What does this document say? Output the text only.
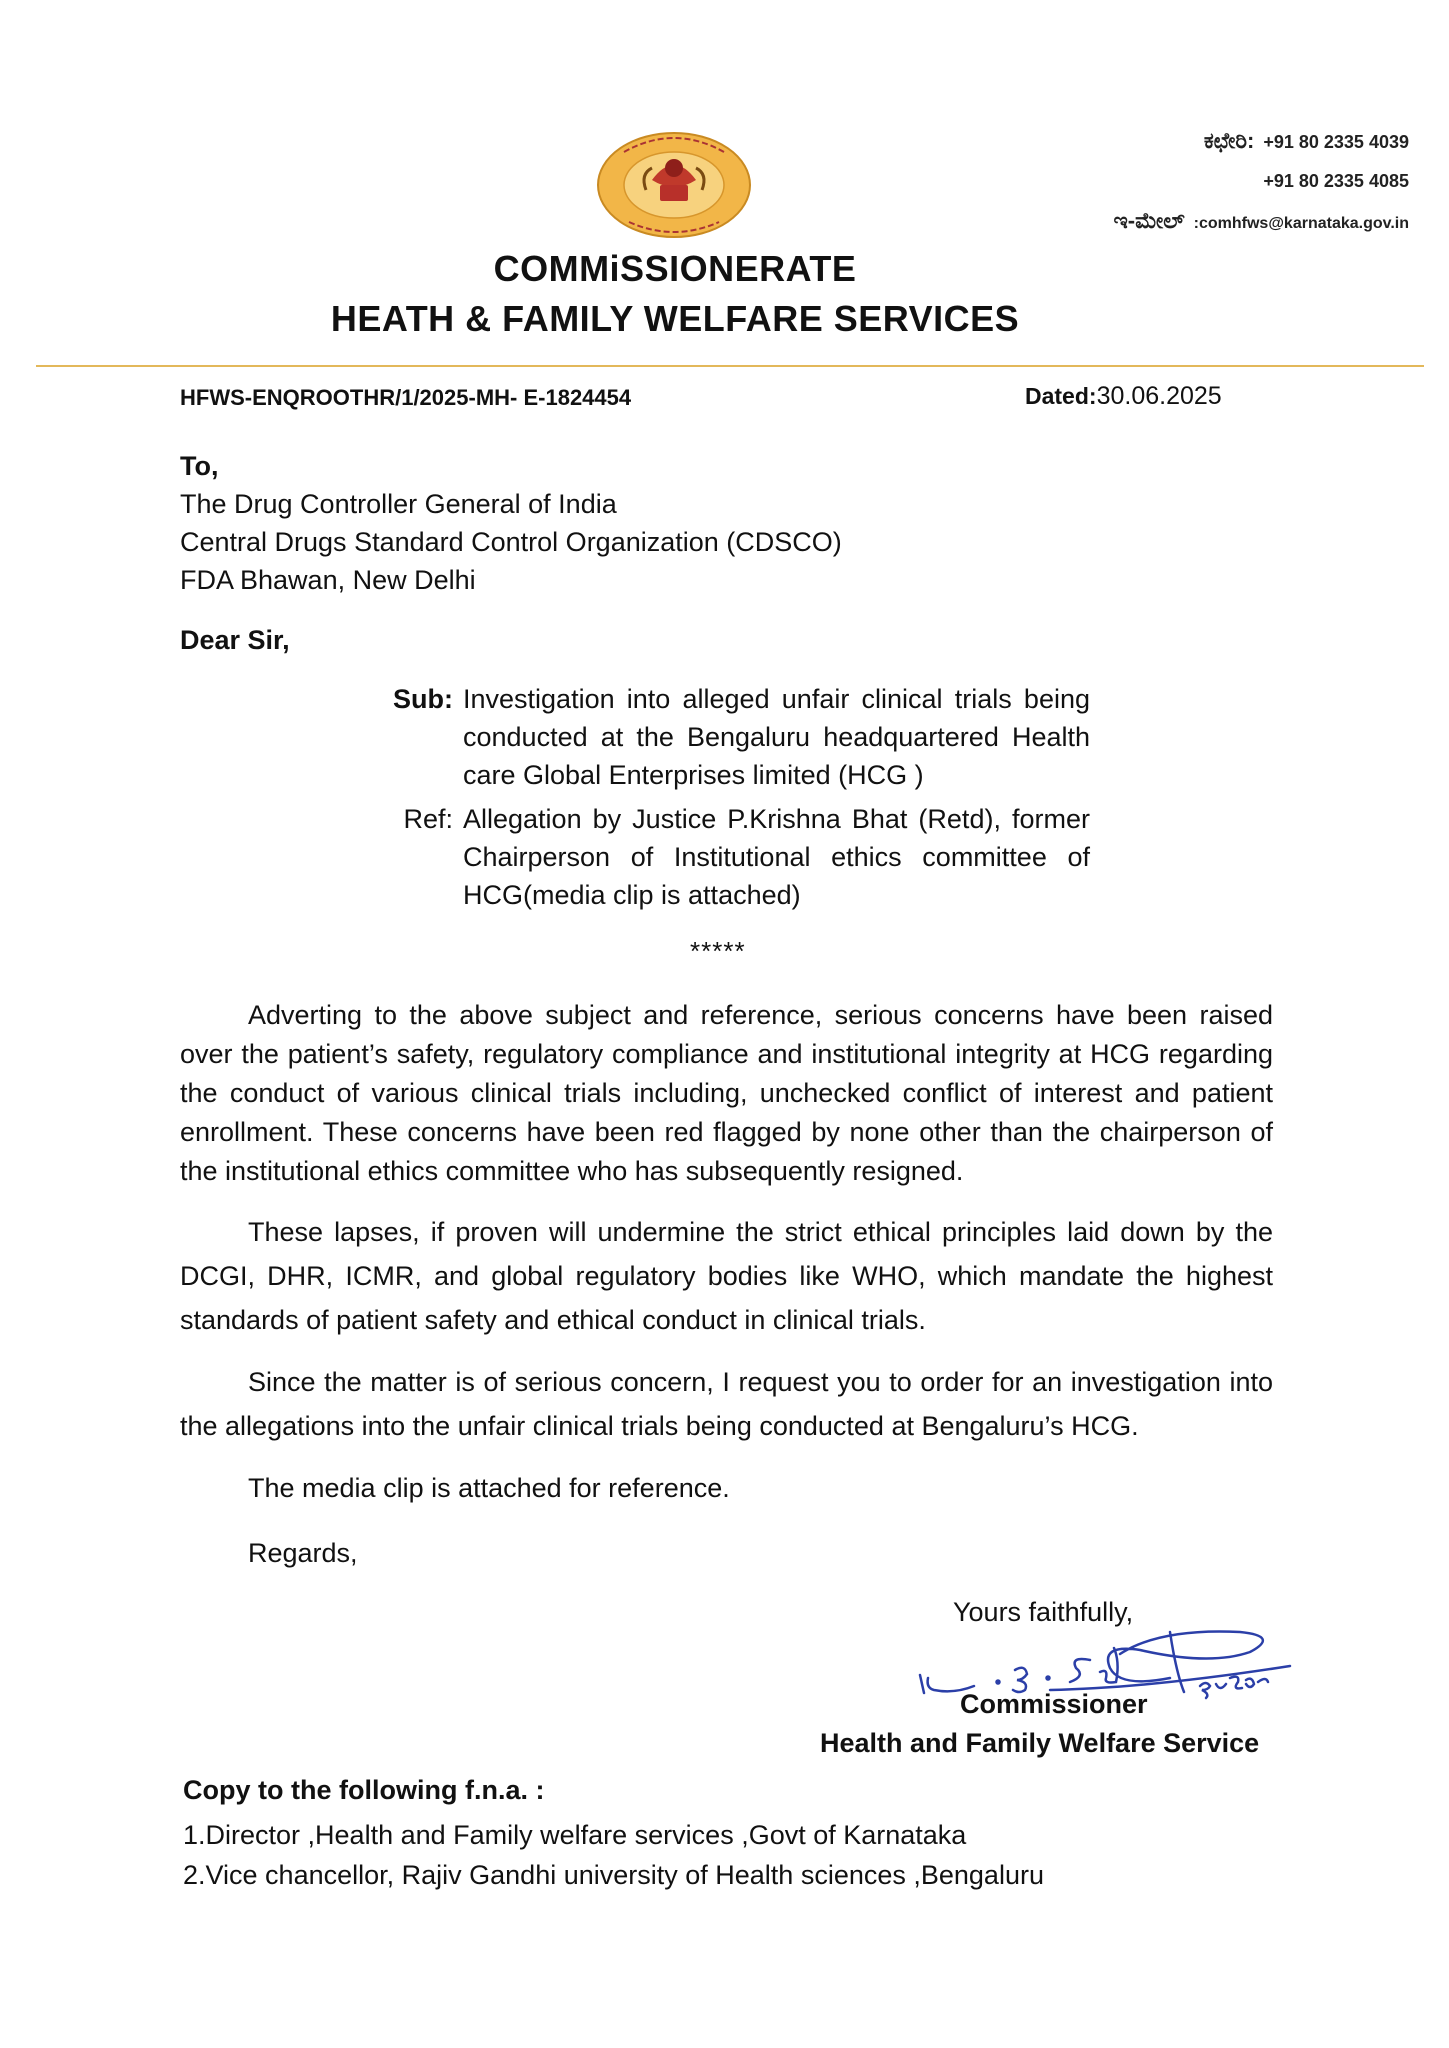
ಕಛೇರಿ: +91 80 2335 4039
+91 80 2335 4085
ಇ-ಮೇಲ್ :comhfws@karnataka.gov.in
COMMiSSIONERATE
HEATH & FAMILY WELFARE SERVICES
HFWS-ENQROOTHR/1/2025-MH- E-1824454	Dated:30.06.2025
To,
The Drug Controller General of India
Central Drugs Standard Control Organization (CDSCO)
FDA Bhawan, New Delhi
Dear Sir,
Sub: Investigation into alleged unfair clinical trials being conducted at the Bengaluru headquartered Health care Global Enterprises limited (HCG )
Ref: Allegation by Justice P.Krishna Bhat (Retd), former Chairperson of Institutional ethics committee of HCG(media clip is attached)
*****
Adverting to the above subject and reference, serious concerns have been raised over the patient’s safety, regulatory compliance and institutional integrity at HCG regarding the conduct of various clinical trials including, unchecked conflict of interest and patient enrollment. These concerns have been red flagged by none other than the chairperson of the institutional ethics committee who has subsequently resigned.
These lapses, if proven will undermine the strict ethical principles laid down by the DCGI, DHR, ICMR, and global regulatory bodies like WHO, which mandate the highest standards of patient safety and ethical conduct in clinical trials.
Since the matter is of serious concern, I request you to order for an investigation into the allegations into the unfair clinical trials being conducted at Bengaluru’s HCG.
The media clip is attached for reference.
Regards,
Yours faithfully,
Commissioner
Health and Family Welfare Service
Copy to the following f.n.a. :
1.Director ,Health and Family welfare services ,Govt of Karnataka
2.Vice chancellor, Rajiv Gandhi university of Health sciences ,Bengaluru
